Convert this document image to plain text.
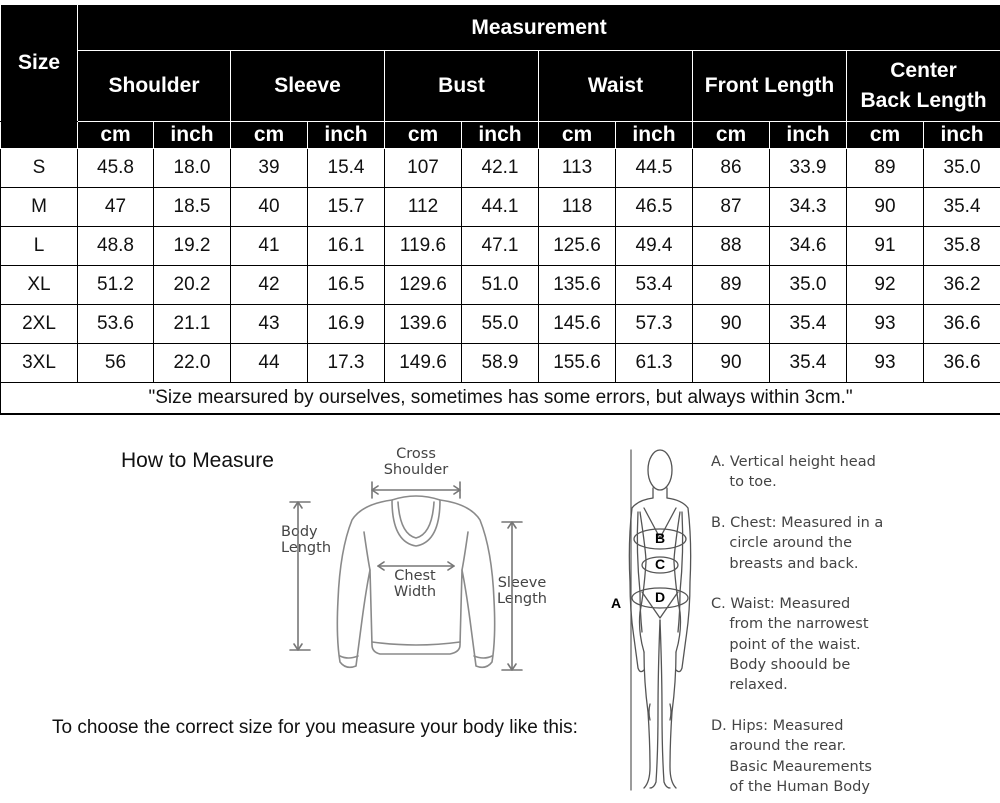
Size	Measurement											
	Shoulder		Sleeve		Bust		Waist		Front Length		Center
Back Length	
	cm	inch	cm	inch	cm	inch	cm	inch	cm	inch	cm	inch
S	45.8	18.0	39	15.4	107	42.1	113	44.5	86	33.9	89	35.0
M	47	18.5	40	15.7	112	44.1	118	46.5	87	34.3	90	35.4
L	48.8	19.2	41	16.1	119.6	47.1	125.6	49.4	88	34.6	91	35.8
XL	51.2	20.2	42	16.5	129.6	51.0	135.6	53.4	89	35.0	92	36.2
2XL	53.6	21.1	43	16.9	139.6	55.0	145.6	57.3	90	35.4	93	36.6
3XL	56	22.0	44	17.3	149.6	58.9	155.6	61.3	90	35.4	93	36.6
"Size mearsured by ourselves, sometimes has some errors, but always within 3cm."												
How to Measure	Cross
Shoulder
Body
Length
Chest
Width
Sleeve
Length
B
C
D
A
A. Vertical height head
to toe.
B. Chest: Measured in a
circle around the
breasts and back.
C. Waist: Measured
from the narrowest
point of the waist.
Body shoould be
relaxed.
D. Hips: Measured
around the rear.
Basic Meaurements
of the Human Body
To choose the correct size for you measure your body like this:
